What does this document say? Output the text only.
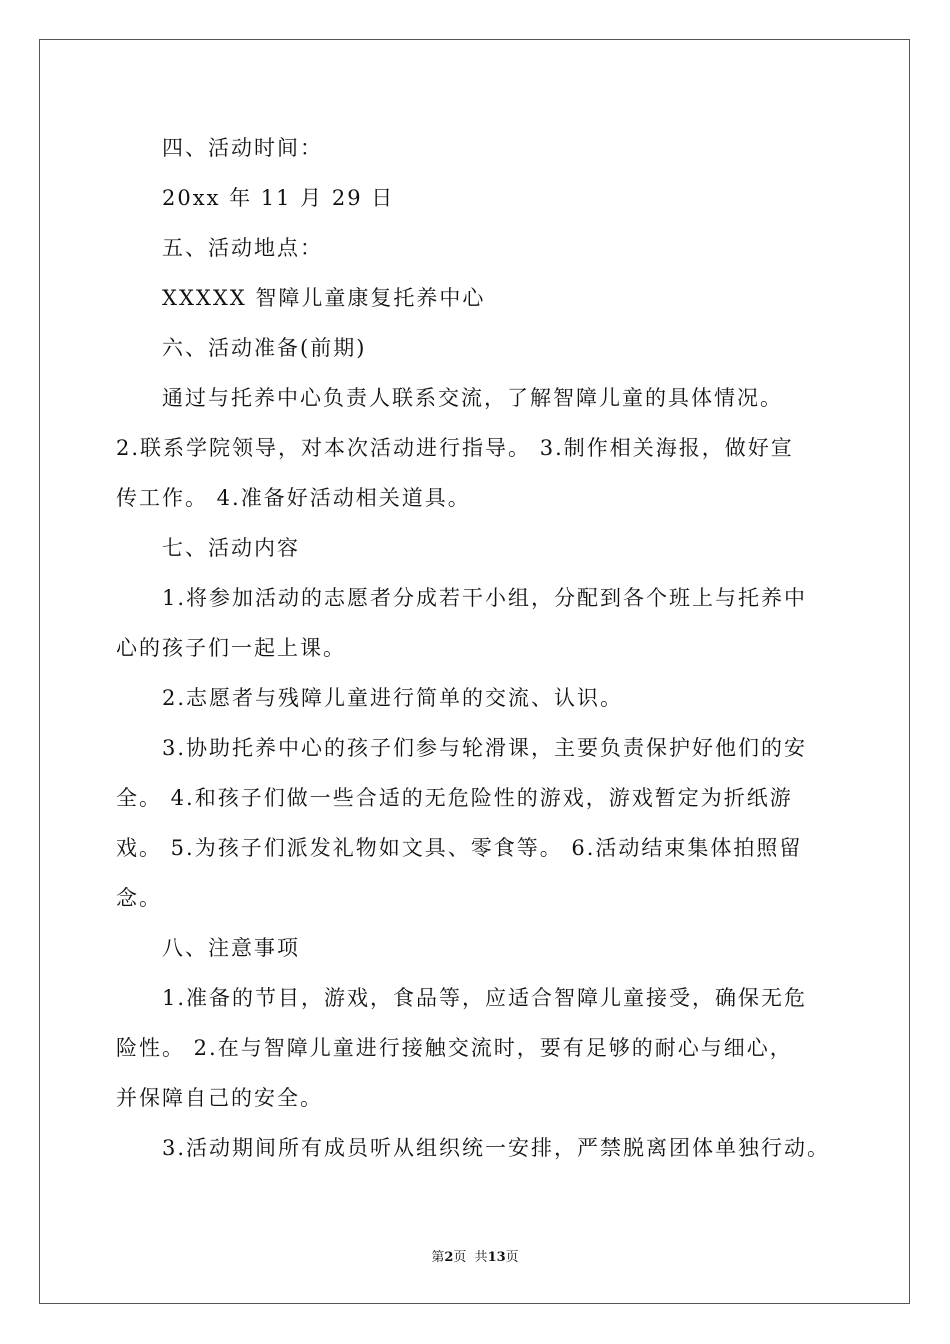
四、活动时间：
20xx 年 11 月 29 日
五、活动地点：
XXXXX 智障儿童康复托养中心
六、活动准备(前期)
通过与托养中心负责人联系交流，了解智障儿童的具体情况。
2.联系学院领导，对本次活动进行指导。 3.制作相关海报，做好宣
传工作。 4.准备好活动相关道具。
七、活动内容
1.将参加活动的志愿者分成若干小组，分配到各个班上与托养中
心的孩子们一起上课。
2.志愿者与残障儿童进行简单的交流、认识。
3.协助托养中心的孩子们参与轮滑课，主要负责保护好他们的安
全。 4.和孩子们做一些合适的无危险性的游戏，游戏暂定为折纸游
戏。 5.为孩子们派发礼物如文具、零食等。 6.活动结束集体拍照留
念。
八、注意事项
1.准备的节目，游戏，食品等，应适合智障儿童接受，确保无危
险性。 2.在与智障儿童进行接触交流时，要有足够的耐心与细心，
并保障自己的安全。
3.活动期间所有成员听从组织统一安排，严禁脱离团体单独行动。
第2页 共13页
